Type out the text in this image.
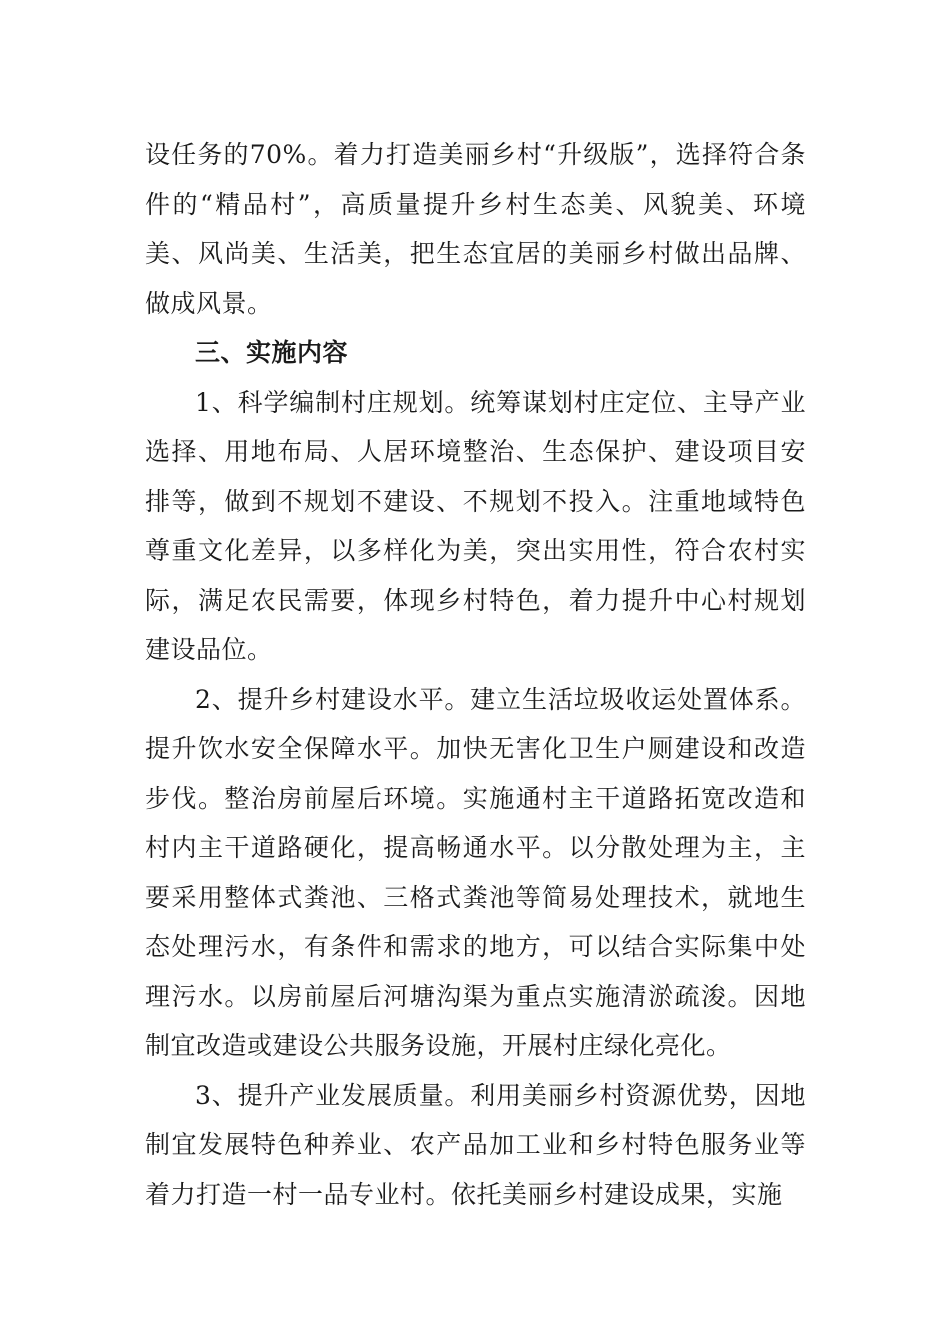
设任务的70%。着力打造美丽乡村“升级版”，选择符合条件的“精品村”，高质量提升乡村生态美、风貌美、环境美、风尚美、生活美，把生态宜居的美丽乡村做出品牌、做成风景。

三、实施内容

1、科学编制村庄规划。统筹谋划村庄定位、主导产业选择、用地布局、人居环境整治、生态保护、建设项目安排等，做到不规划不建设、不规划不投入。注重地域特色尊重文化差异，以多样化为美，突出实用性，符合农村实际，满足农民需要，体现乡村特色，着力提升中心村规划建设品位。

2、提升乡村建设水平。建立生活垃圾收运处置体系。提升饮水安全保障水平。加快无害化卫生户厕建设和改造步伐。整治房前屋后环境。实施通村主干道路拓宽改造和村内主干道路硬化，提高畅通水平。以分散处理为主，主要采用整体式粪池、三格式粪池等简易处理技术，就地生态处理污水，有条件和需求的地方，可以结合实际集中处理污水。以房前屋后河塘沟渠为重点实施清淤疏浚。因地制宜改造或建设公共服务设施，开展村庄绿化亮化。

3、提升产业发展质量。利用美丽乡村资源优势，因地制宜发展特色种养业、农产品加工业和乡村特色服务业等着力打造一村一品专业村。依托美丽乡村建设成果，实施
